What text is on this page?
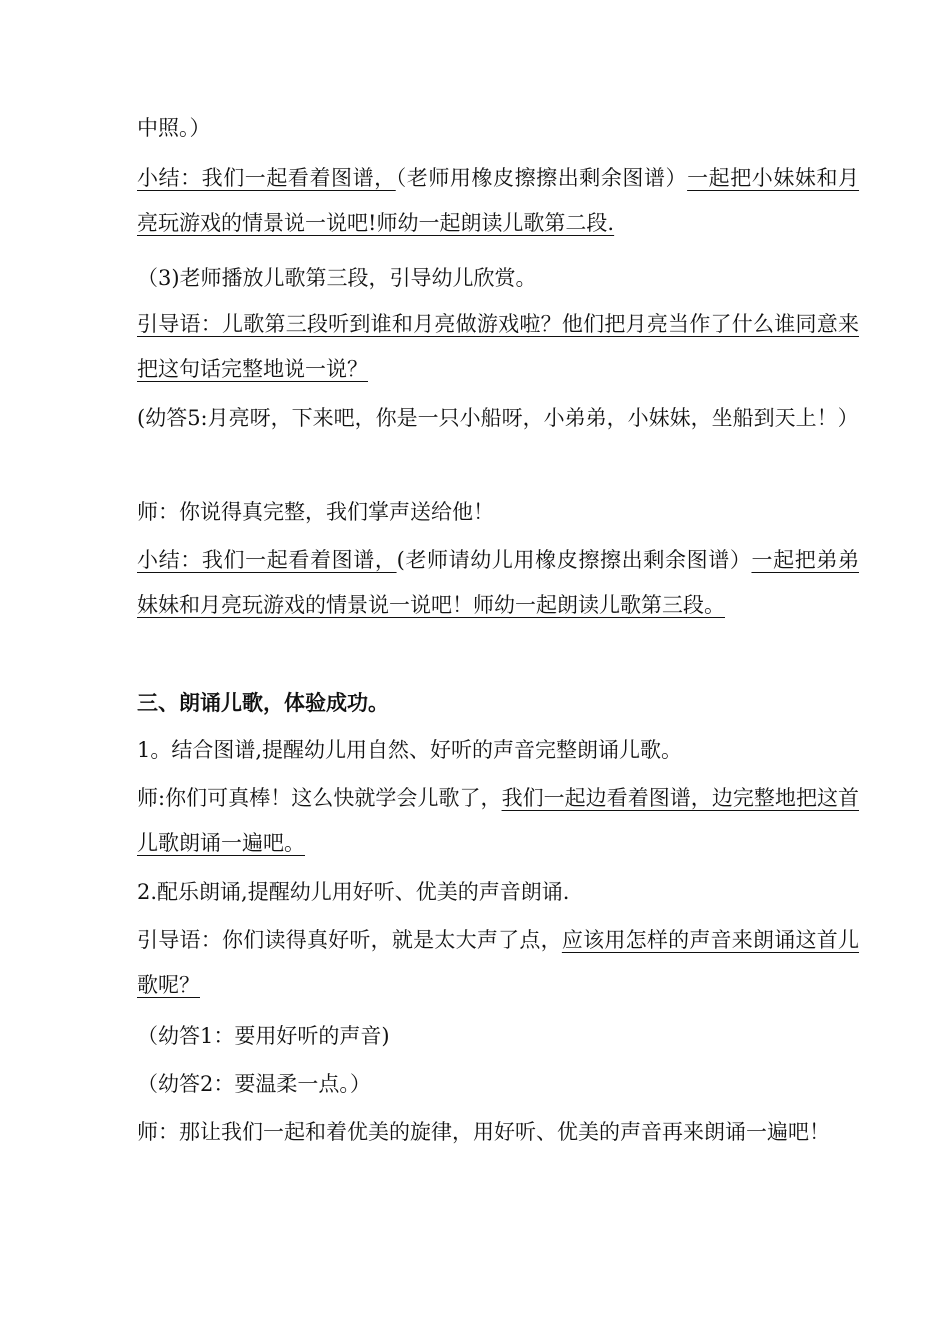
中照。）

小结：我们一起看着图谱，（老师用橡皮擦擦出剩余图谱）一起把小妹妹和月亮玩游戏的情景说一说吧!师幼一起朗读儿歌第二段.

（3)老师播放儿歌第三段，引导幼儿欣赏。

引导语：儿歌第三段听到谁和月亮做游戏啦？他们把月亮当作了什么谁同意来把这句话完整地说一说？

(幼答5:月亮呀，下来吧，你是一只小船呀，小弟弟，小妹妹，坐船到天上！）

师：你说得真完整，我们掌声送给他！

小结：我们一起看着图谱，(老师请幼儿用橡皮擦擦出剩余图谱）一起把弟弟妹妹和月亮玩游戏的情景说一说吧！师幼一起朗读儿歌第三段。

三、朗诵儿歌，体验成功。

1。结合图谱,提醒幼儿用自然、好听的声音完整朗诵儿歌。

师:你们可真棒！这么快就学会儿歌了，我们一起边看着图谱，边完整地把这首儿歌朗诵一遍吧。

2.配乐朗诵,提醒幼儿用好听、优美的声音朗诵.

引导语：你们读得真好听，就是太大声了点，应该用怎样的声音来朗诵这首儿歌呢？

（幼答1：要用好听的声音)

（幼答2：要温柔一点。）

师：那让我们一起和着优美的旋律，用好听、优美的声音再来朗诵一遍吧！
